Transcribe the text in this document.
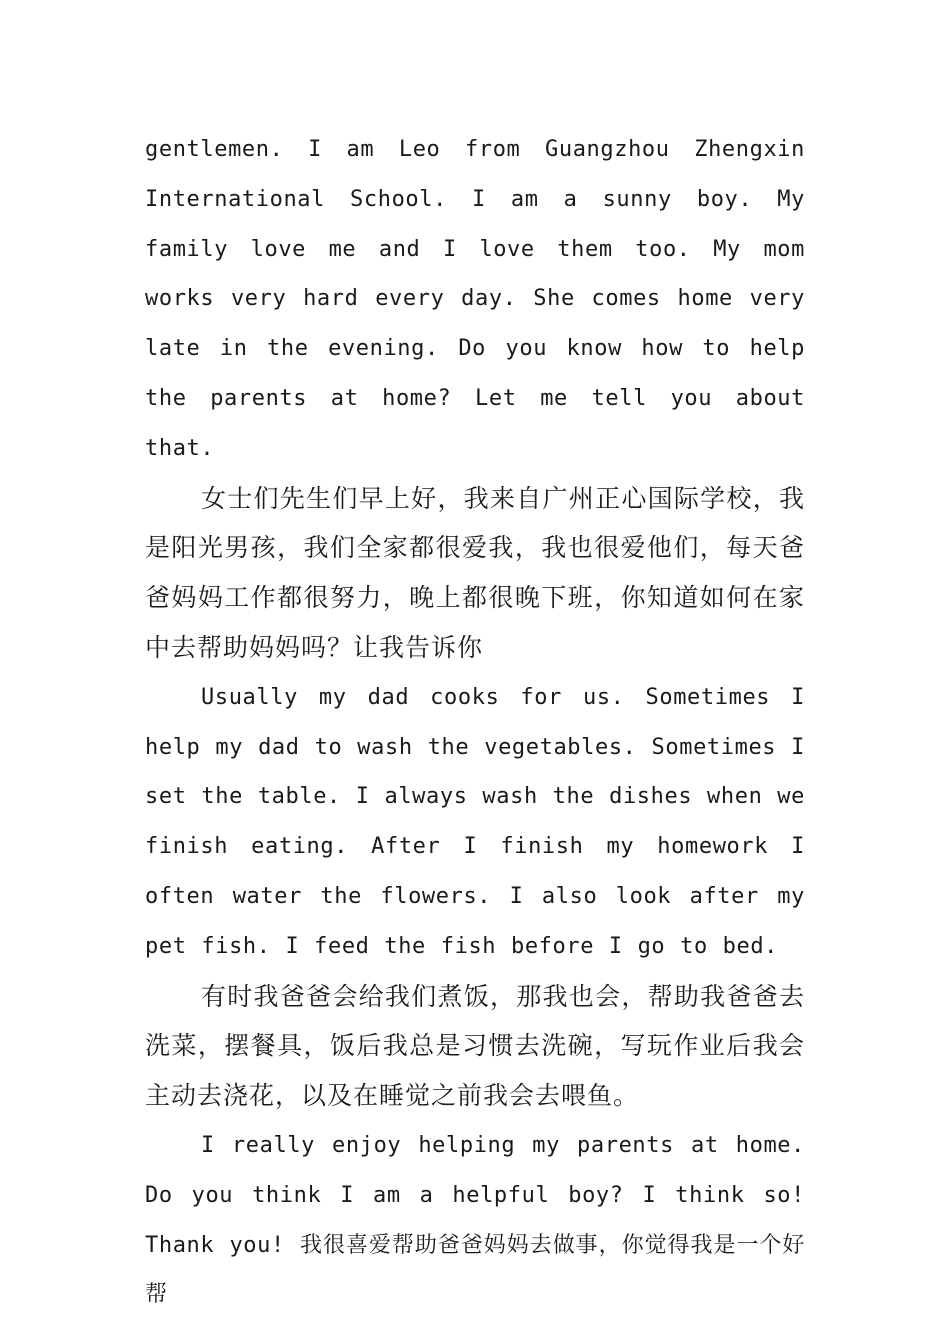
gentlemen. I am Leo from Guangzhou Zhengxin International School. I am a sunny boy. My family love me and I love them too. My mom works very hard every day. She comes home very late in the evening. Do you know how to help the parents at home? Let me tell you about that.

女士们先生们早上好，我来自广州正心国际学校，我是阳光男孩，我们全家都很爱我，我也很爱他们，每天爸爸妈妈工作都很努力，晚上都很晚下班，你知道如何在家中去帮助妈妈吗？让我告诉你

Usually my dad cooks for us. Sometimes I help my dad to wash the vegetables. Sometimes I set the table. I always wash the dishes when we finish eating. After I finish my homework I often water the flowers. I also look after my pet fish. I feed the fish before I go to bed.

有时我爸爸会给我们煮饭，那我也会，帮助我爸爸去洗菜，摆餐具，饭后我总是习惯去洗碗，写玩作业后我会主动去浇花，以及在睡觉之前我会去喂鱼。

I really enjoy helping my parents at home. Do you think I am a helpful boy? I think so! Thank you! 我很喜爱帮助爸爸妈妈去做事，你觉得我是一个好帮
